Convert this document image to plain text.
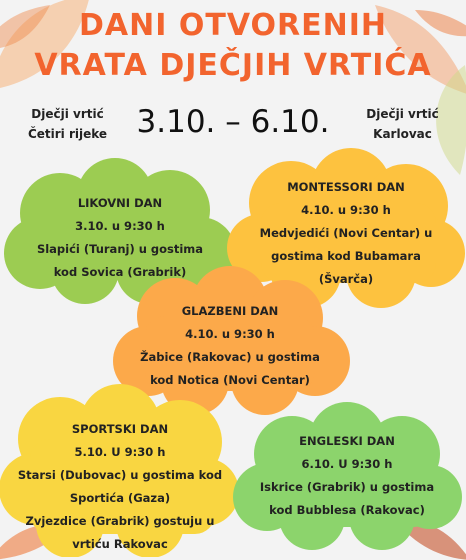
DANI OTVORENIH
VRATA DJEČJIH VRTIĆA
Dječji vrtić
Četiri rijeke 3.10. – 6.10.	Dječji vrtić
Karlovac
LIKOVNI DAN
3.10. u 9:30 h
Slapići (Turanj) u gostima
kod Sovica (Grabrik)
MONTESSORI DAN
4.10. u 9:30 h
Medvjedići (Novi Centar) u
gostima kod Bubamara
(Švarča)
GLAZBENI DAN
4.10. u 9:30 h
Žabice (Rakovac) u gostima
kod Notica (Novi Centar)
SPORTSKI DAN
5.10. U 9:30 h
Starsi (Dubovac) u gostima kod
Sportića (Gaza)
Zvjezdice (Grabrik) gostuju u
vrtiću Rakovac
ENGLESKI DAN
6.10. U 9:30 h
Iskrice (Grabrik) u gostima
kod Bubblesa (Rakovac)
